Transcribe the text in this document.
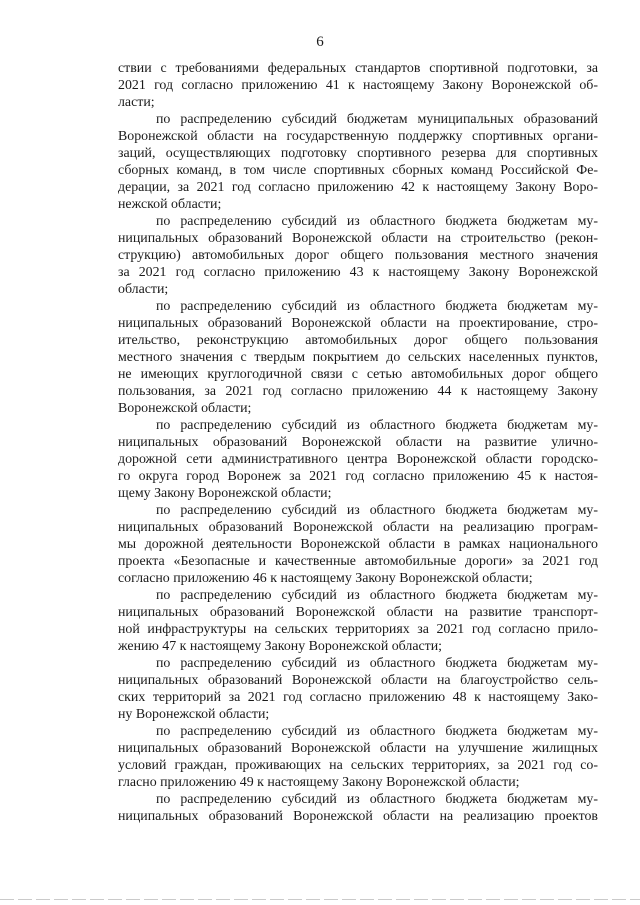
6
ствии с требованиями федеральных стандартов спортивной подготовки, за
2021 год согласно приложению 41 к настоящему Закону Воронежской об-
ласти;
по распределению субсидий бюджетам муниципальных образований
Воронежской области на государственную поддержку спортивных органи-
заций, осуществляющих подготовку спортивного резерва для спортивных
сборных команд, в том числе спортивных сборных команд Российской Фе-
дерации, за 2021 год согласно приложению 42 к настоящему Закону Воро-
нежской области;
по распределению субсидий из областного бюджета бюджетам му-
ниципальных образований Воронежской области на строительство (рекон-
струкцию) автомобильных дорог общего пользования местного значения
за 2021 год согласно приложению 43 к настоящему Закону Воронежской
области;
по распределению субсидий из областного бюджета бюджетам му-
ниципальных образований Воронежской области на проектирование, стро-
ительство, реконструкцию автомобильных дорог общего пользования
местного значения с твердым покрытием до сельских населенных пунктов,
не имеющих круглогодичной связи с сетью автомобильных дорог общего
пользования, за 2021 год согласно приложению 44 к настоящему Закону
Воронежской области;
по распределению субсидий из областного бюджета бюджетам му-
ниципальных образований Воронежской области на развитие улично-
дорожной сети административного центра Воронежской области городско-
го округа город Воронеж за 2021 год согласно приложению 45 к настоя-
щему Закону Воронежской области;
по распределению субсидий из областного бюджета бюджетам му-
ниципальных образований Воронежской области на реализацию програм-
мы дорожной деятельности Воронежской области в рамках национального
проекта «Безопасные и качественные автомобильные дороги» за 2021 год
согласно приложению 46 к настоящему Закону Воронежской области;
по распределению субсидий из областного бюджета бюджетам му-
ниципальных образований Воронежской области на развитие транспорт-
ной инфраструктуры на сельских территориях за 2021 год согласно прило-
жению 47 к настоящему Закону Воронежской области;
по распределению субсидий из областного бюджета бюджетам му-
ниципальных образований Воронежской области на благоустройство сель-
ских территорий за 2021 год согласно приложению 48 к настоящему Зако-
ну Воронежской области;
по распределению субсидий из областного бюджета бюджетам му-
ниципальных образований Воронежской области на улучшение жилищных
условий граждан, проживающих на сельских территориях, за 2021 год со-
гласно приложению 49 к настоящему Закону Воронежской области;
по распределению субсидий из областного бюджета бюджетам му-
ниципальных образований Воронежской области на реализацию проектов
